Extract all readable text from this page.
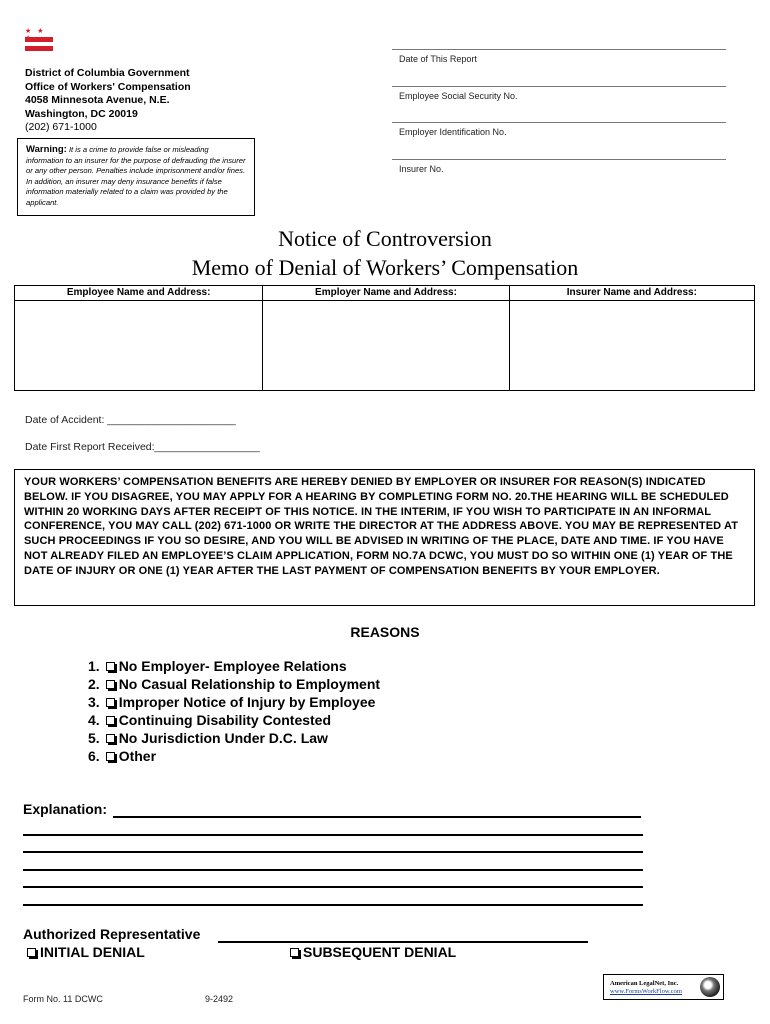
★ ★
District of Columbia Government
Office of Workers' Compensation
4058 Minnesota Avenue, N.E.
Washington, DC 20019
(202) 671-1000
Warning: It is a crime to provide false or misleading information to an insurer for the purpose of defrauding the insurer or any other person. Penalties include imprisonment and/or fines. In addition, an insurer may deny insurance benefits if false information materially related to a claim was provided by the applicant.
Date of This Report
Employee Social Security No.
Employer Identification No.
Insurer No.
Notice of Controversion
Memo of Denial of Workers’ Compensation
Employee Name and Address:	Employer Name and Address:	Insurer Name and Address:
Date of Accident: ______________________
Date First Report Received:__________________
YOUR WORKERS’ COMPENSATION BENEFITS ARE HEREBY DENIED BY EMPLOYER OR INSURER FOR REASON(S) INDICATED BELOW. IF YOU DISAGREE, YOU MAY APPLY FOR A HEARING BY COMPLETING FORM NO. 20.THE HEARING WILL BE SCHEDULED WITHIN 20 WORKING DAYS AFTER RECEIPT OF THIS NOTICE. IN THE INTERIM, IF YOU WISH TO PARTICIPATE IN AN INFORMAL CONFERENCE, YOU MAY CALL (202) 671-1000 OR WRITE THE DIRECTOR AT THE ADDRESS ABOVE. YOU MAY BE REPRESENTED AT SUCH PROCEEDINGS IF YOU SO DESIRE, AND YOU WILL BE ADVISED IN WRITING OF THE PLACE, DATE AND TIME. IF YOU HAVE NOT ALREADY FILED AN EMPLOYEE’S CLAIM APPLICATION, FORM NO.7A DCWC, YOU MUST DO SO WITHIN ONE (1) YEAR OF THE DATE OF INJURY OR ONE (1) YEAR AFTER THE LAST PAYMENT OF COMPENSATION BENEFITS BY YOUR EMPLOYER.
REASONS
1. No Employer- Employee Relations
2. No Casual Relationship to Employment
3. Improper Notice of Injury by Employee
4. Continuing Disability Contested
5. No Jurisdiction Under D.C. Law
6. Other
Explanation:
Authorized Representative
INITIAL DENIAL	SUBSEQUENT DENIAL
Form No. 11 DCWC	9-2492
American LegalNet, Inc.
www.FormsWorkFlow.com
